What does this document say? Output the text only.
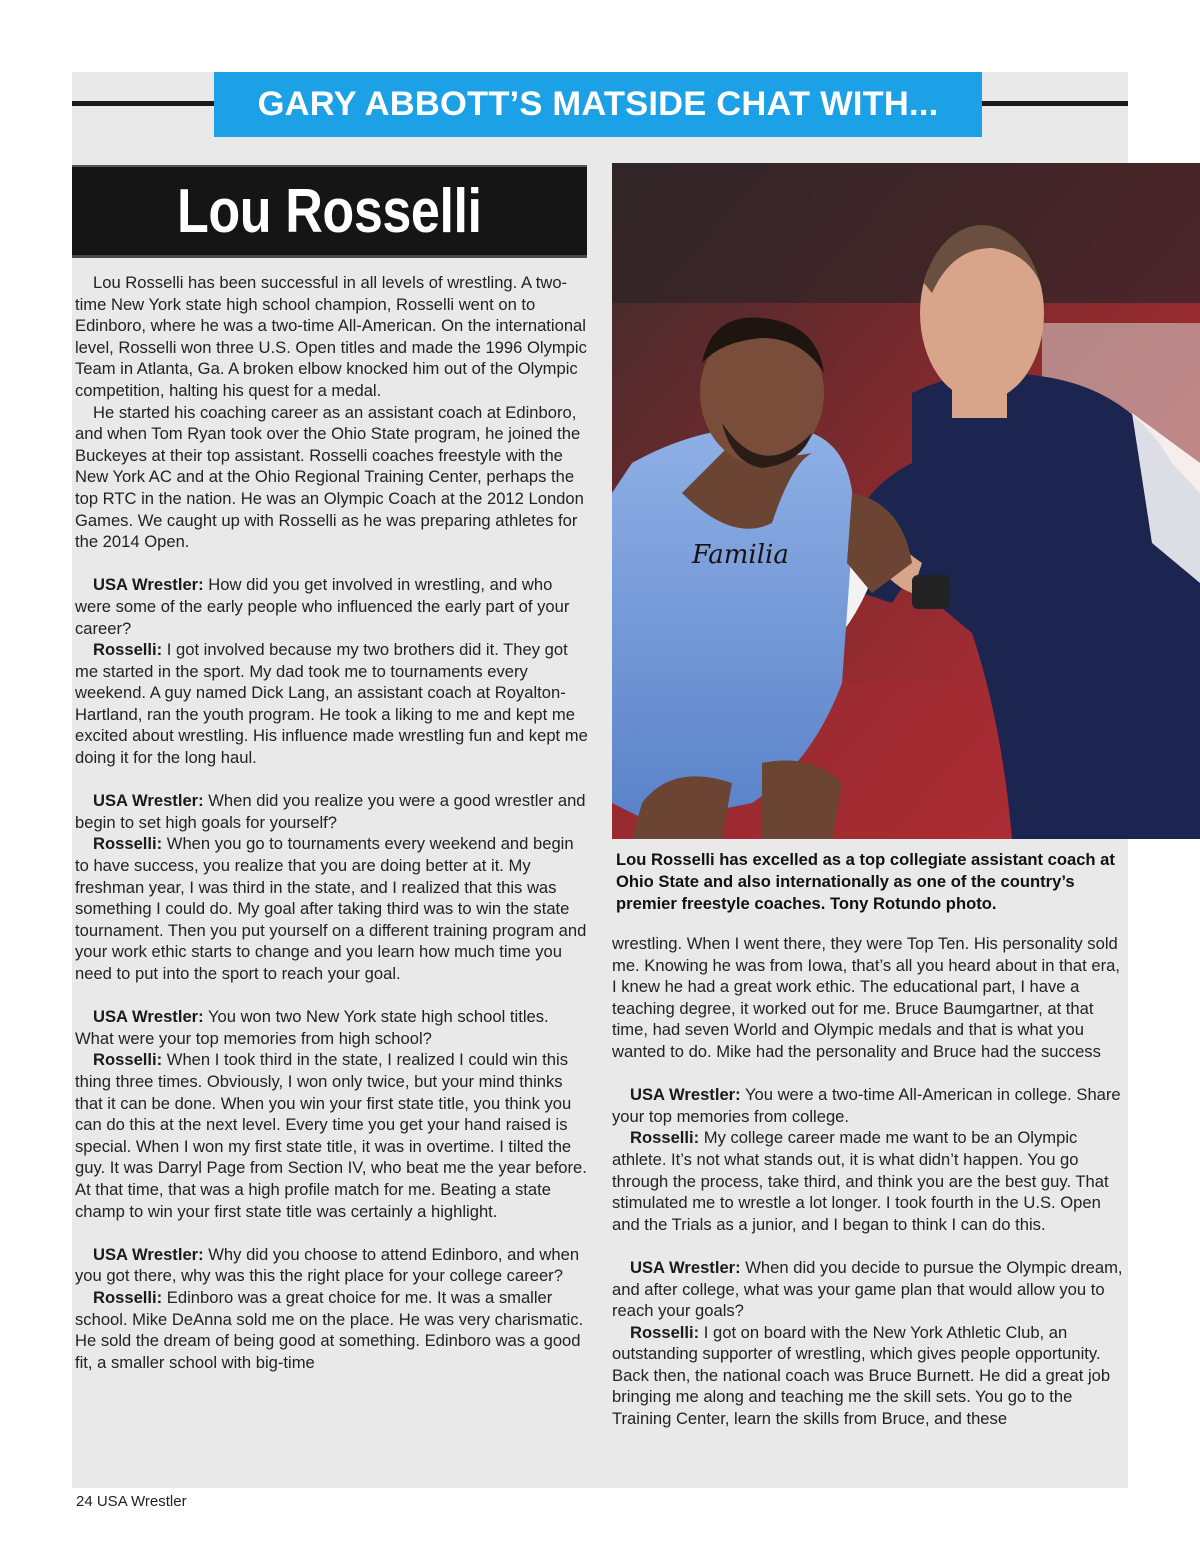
GARY ABBOTT’S MATSIDE CHAT WITH...
Lou Rosselli

Lou Rosselli has been successful in all levels of wrestling. A two-time New York state high school champion, Rosselli went on to Edinboro, where he was a two-time All-American. On the international level, Rosselli won three U.S. Open titles and made the 1996 Olympic Team in Atlanta, Ga. A broken elbow knocked him out of the Olympic competition, halting his quest for a medal.

He started his coaching career as an assistant coach at Edinboro, and when Tom Ryan took over the Ohio State program, he joined the Buckeyes at their top assistant. Rosselli coaches freestyle with the New York AC and at the Ohio Regional Training Center, perhaps the top RTC in the nation. He was an Olympic Coach at the 2012 London Games. We caught up with Rosselli as he was preparing athletes for the 2014 Open.

USA Wrestler: How did you get involved in wrestling, and who were some of the early people who influenced the early part of your career?

Rosselli: I got involved because my two brothers did it. They got me started in the sport. My dad took me to tournaments every weekend. A guy named Dick Lang, an assistant coach at Royalton-Hartland, ran the youth program. He took a liking to me and kept me excited about wrestling. His influence made wrestling fun and kept me doing it for the long haul.

USA Wrestler: When did you realize you were a good wrestler and begin to set high goals for yourself?

Rosselli: When you go to tournaments every weekend and begin to have success, you realize that you are doing better at it. My freshman year, I was third in the state, and I realized that this was something I could do. My goal after taking third was to win the state tournament. Then you put yourself on a different training program and your work ethic starts to change and you learn how much time you need to put into the sport to reach your goal.

USA Wrestler: You won two New York state high school titles. What were your top memories from high school?

Rosselli: When I took third in the state, I realized I could win this thing three times. Obviously, I won only twice, but your mind thinks that it can be done. When you win your first state title, you think you can do this at the next level. Every time you get your hand raised is special. When I won my first state title, it was in overtime. I tilted the guy. It was Darryl Page from Section IV, who beat me the year before. At that time, that was a high profile match for me. Beating a state champ to win your first state title was certainly a highlight.

USA Wrestler: Why did you choose to attend Edinboro, and when you got there, why was this the right place for your college career?

Rosselli: Edinboro was a great choice for me. It was a smaller school. Mike DeAnna sold me on the place. He was very charismatic. He sold the dream of being good at something. Edinboro was a good fit, a smaller school with big-time

Familia
Lou Rosselli has excelled as a top collegiate assistant coach at Ohio State and also internationally as one of the country’s premier freestyle coaches. Tony Rotundo photo.

wrestling. When I went there, they were Top Ten. His personality sold me. Knowing he was from Iowa, that’s all you heard about in that era, I knew he had a great work ethic. The educational part, I have a teaching degree, it worked out for me. Bruce Baumgartner, at that time, had seven World and Olympic medals and that is what you wanted to do. Mike had the personality and Bruce had the success

USA Wrestler: You were a two-time All-American in college. Share your top memories from college.

Rosselli: My college career made me want to be an Olympic athlete. It’s not what stands out, it is what didn’t happen. You go through the process, take third, and think you are the best guy. That stimulated me to wrestle a lot longer. I took fourth in the U.S. Open and the Trials as a junior, and I began to think I can do this.

USA Wrestler: When did you decide to pursue the Olympic dream, and after college, what was your game plan that would allow you to reach your goals?

Rosselli: I got on board with the New York Athletic Club, an outstanding supporter of wrestling, which gives people opportunity. Back then, the national coach was Bruce Burnett. He did a great job bringing me along and teaching me the skill sets. You go to the Training Center, learn the skills from Bruce, and these

24 USA Wrestler
